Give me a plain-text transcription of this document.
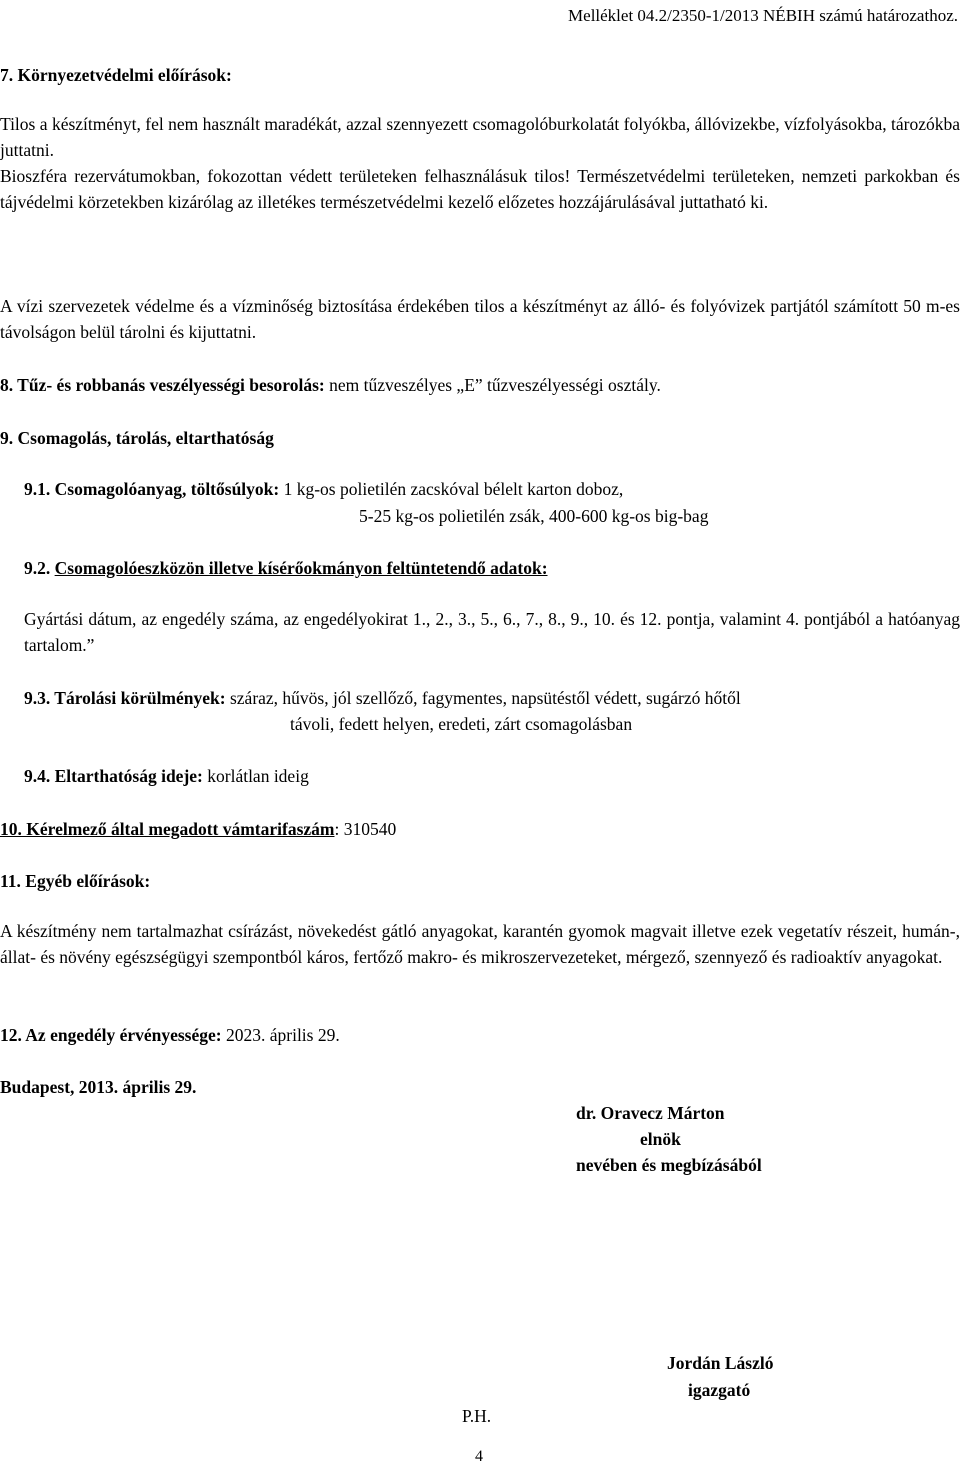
Melléklet 04.2/2350-1/2013 NÉBIH számú határozathoz.
7. Környezetvédelmi előírások:
Tilos a készítményt, fel nem használt maradékát, azzal szennyezett csomagolóburkolatát folyókba, állóvizekbe, vízfolyásokba, tározókba juttatni.
Bioszféra rezervátumokban, fokozottan védett területeken felhasználásuk tilos! Természetvédelmi területeken, nemzeti parkokban és tájvédelmi körzetekben kizárólag az illetékes természetvédelmi kezelő előzetes hozzájárulásával juttatható ki.
A vízi szervezetek védelme és a vízminőség biztosítása érdekében tilos a készítményt az álló- és folyóvizek partjától számított 50 m-es távolságon belül tárolni és kijuttatni.
8. Tűz- és robbanás veszélyességi besorolás: nem tűzveszélyes „E” tűzveszélyességi osztály.
9. Csomagolás, tárolás, eltarthatóság
9.1. Csomagolóanyag, töltősúlyok: 1 kg-os polietilén zacskóval bélelt karton doboz,
5-25 kg-os polietilén zsák, 400-600 kg-os big-bag
9.2. Csomagolóeszközön illetve kísérőokmányon feltüntetendő adatok:
Gyártási dátum, az engedély száma, az engedélyokirat 1., 2., 3., 5., 6., 7., 8., 9., 10. és 12. pontja, valamint 4. pontjából a hatóanyag tartalom.”
9.3. Tárolási körülmények: száraz, hűvös, jól szellőző, fagymentes, napsütéstől védett, sugárzó hőtől
távoli, fedett helyen, eredeti, zárt csomagolásban
9.4. Eltarthatóság ideje: korlátlan ideig
10. Kérelmező által megadott vámtarifaszám: 310540
11. Egyéb előírások:
A készítmény nem tartalmazhat csírázást, növekedést gátló anyagokat, karantén gyomok magvait illetve ezek vegetatív részeit, humán-, állat- és növény egészségügyi szempontból káros, fertőző makro- és mikroszervezeteket, mérgező, szennyező és radioaktív anyagokat.
12. Az engedély érvényessége: 2023. április 29.
Budapest, 2013. április 29.
dr. Oravecz Márton
elnök
nevében és megbízásából
Jordán László
igazgató
P.H.
4
